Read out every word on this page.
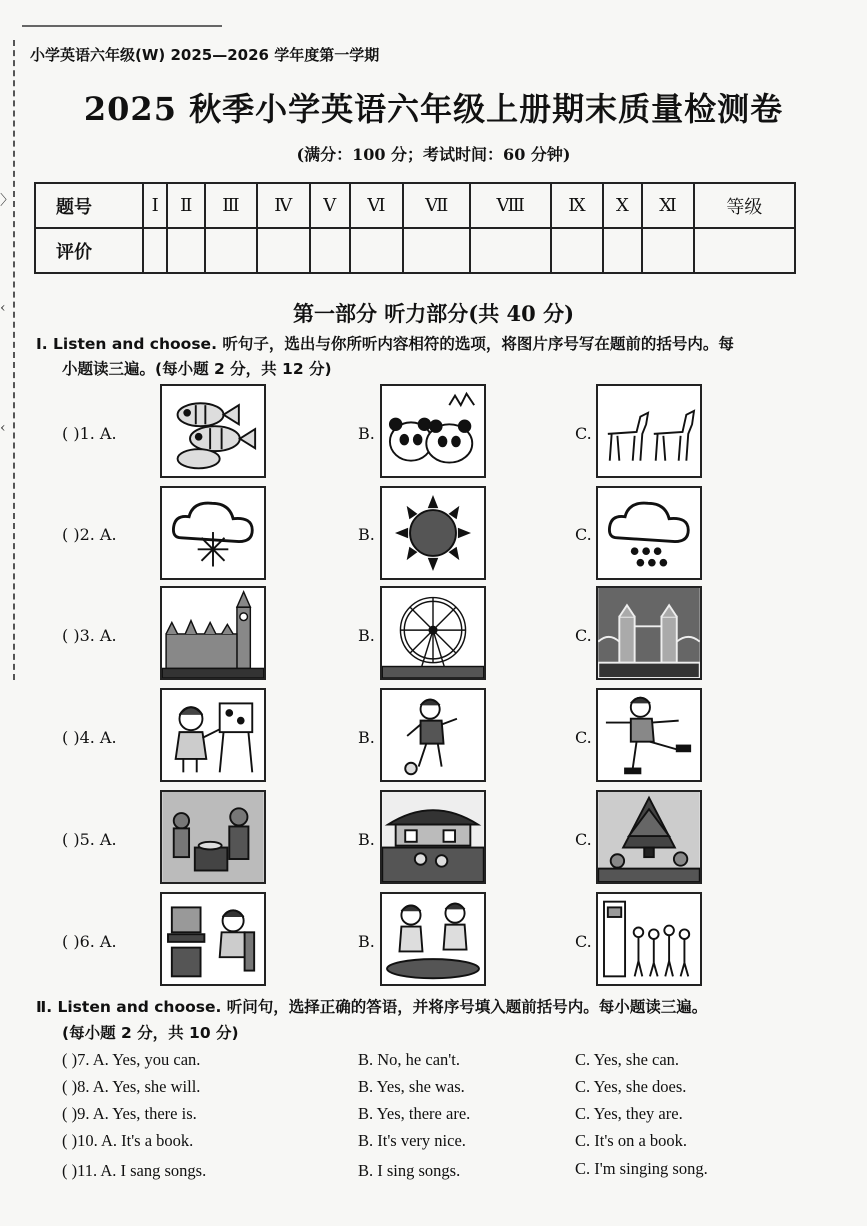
〉
‹
‹
小学英语六年级(W) 2025—2026 学年度第一学期
2025 秋季小学英语六年级上册期末质量检测卷
(满分：100 分；考试时间：60 分钟)
题号	Ⅰ	Ⅱ	Ⅲ	Ⅳ	Ⅴ	Ⅵ	Ⅶ	Ⅷ	Ⅸ	Ⅹ	Ⅺ	等级
评价												
第一部分 听力部分(共 40 分)
Ⅰ. Listen and choose. 听句子，选出与你所听内容相符的选项，将图片序号写在题前的括号内。每
小题读三遍。(每小题 2 分，共 12 分)
( )1. A.	B.	C.
( )2. A.	B.	C.
( )3. A.	B.	C.
( )4. A.	B.	C.
( )5. A.	B.	C.
( )6. A.	B.	C.
Ⅱ. Listen and choose. 听问句，选择正确的答语，并将序号填入题前括号内。每小题读三遍。
(每小题 2 分，共 10 分)
( )7. A. Yes, you can.	B. No, he can't.	C. Yes, she can.
( )8. A. Yes, she will.	B. Yes, she was.	C. Yes, she does.
( )9. A. Yes, there is.	B. Yes, there are.	C. Yes, they are.
( )10. A. It's a book.	B. It's very nice.	C. It's on a book.
( )11. A. I sang songs.	B. I sing songs.	C. I'm singing song.
